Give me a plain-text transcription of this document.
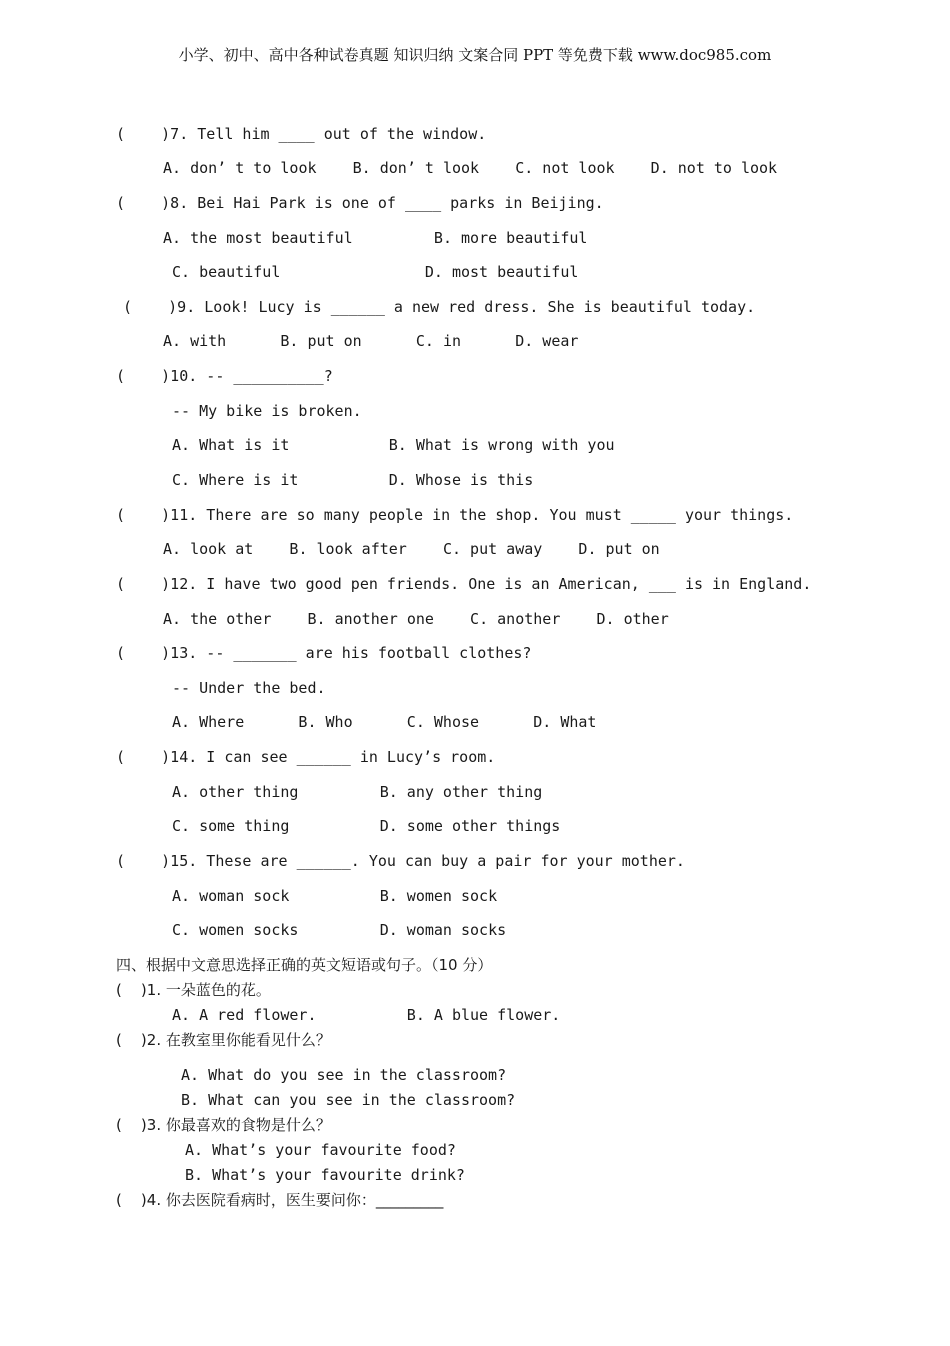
小学、初中、高中各种试卷真题 知识归纳 文案合同 PPT 等免费下载 www.doc985.com
(    )7. Tell him ____ out of the window.
A. don’ t to look    B. don’ t look    C. not look    D. not to look
(    )8. Bei Hai Park is one of ____ parks in Beijing.
A. the most beautiful         B. more beautiful
C. beautiful                D. most beautiful
(    )9. Look! Lucy is ______ a new red dress. She is beautiful today.
A. with      B. put on      C. in      D. wear
(    )10. -- __________?
-- My bike is broken.
A. What is it           B. What is wrong with you
C. Where is it          D. Whose is this
(    )11. There are so many people in the shop. You must _____ your things.
A. look at    B. look after    C. put away    D. put on
(    )12. I have two good pen friends. One is an American, ___ is in England.
A. the other    B. another one    C. another    D. other
(    )13. -- _______ are his football clothes?
-- Under the bed.
A. Where      B. Who      C. Whose      D. What
(    )14. I can see ______ in Lucy’s room.
A. other thing         B. any other thing
C. some thing          D. some other things
(    )15. These are ______. You can buy a pair for your mother.
A. woman sock          B. women sock
C. women socks         D. woman socks
四、根据中文意思选择正确的英文短语或句子。（10 分）
(    )1. 一朵蓝色的花。
A. A red flower.          B. A blue flower.
(    )2. 在教室里你能看见什么？
A. What do you see in the classroom?
B. What can you see in the classroom?
(    )3. 你最喜欢的食物是什么？
A. What’s your favourite food?
B. What’s your favourite drink?
(    )4. 你去医院看病时，医生要问你：_________
